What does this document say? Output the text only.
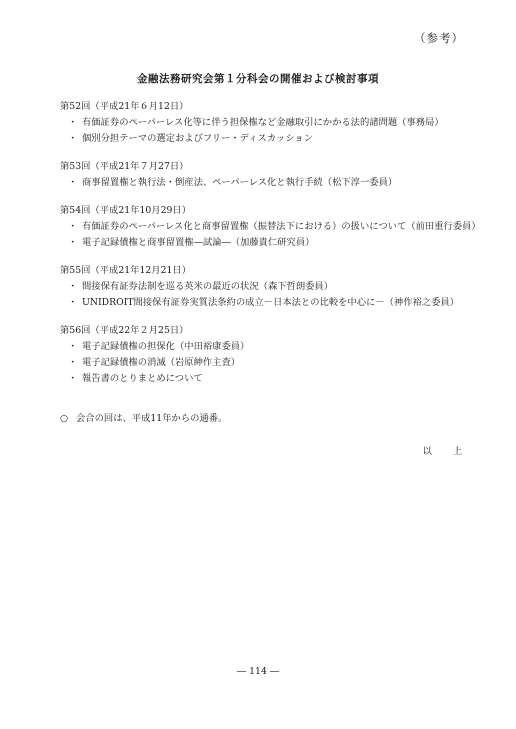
（参考）
金融法務研究会第１分科会の開催および検討事項
第52回（平成21年６月12日）
・ 有価証券のペーパーレス化等に伴う担保権など金融取引にかかる法的諸問題（事務局）
・ 個別分担テーマの選定およびフリー・ディスカッション
第53回（平成21年７月27日）
・ 商事留置権と執行法・倒産法、ペーパーレス化と執行手続（松下淳一委員）
第54回（平成21年10月29日）
・ 有価証券のペーパーレス化と商事留置権（振替法下における）の扱いについて（前田重行委員）
・ 電子記録債権と商事留置権―試論―（加藤貴仁研究員）
第55回（平成21年12月21日）
・ 間接保有証券法制を巡る英米の最近の状況（森下哲朗委員）
・ UNIDROIT間接保有証券実質法条約の成立－日本法との比較を中心に－（神作裕之委員）
第56回（平成22年２月25日）
・ 電子記録債権の担保化（中田裕康委員）
・ 電子記録債権の消滅（岩原紳作主査）
・ 報告書のとりまとめについて
○ 会合の回は、平成11年からの通番。
以 上
― 114 ―
